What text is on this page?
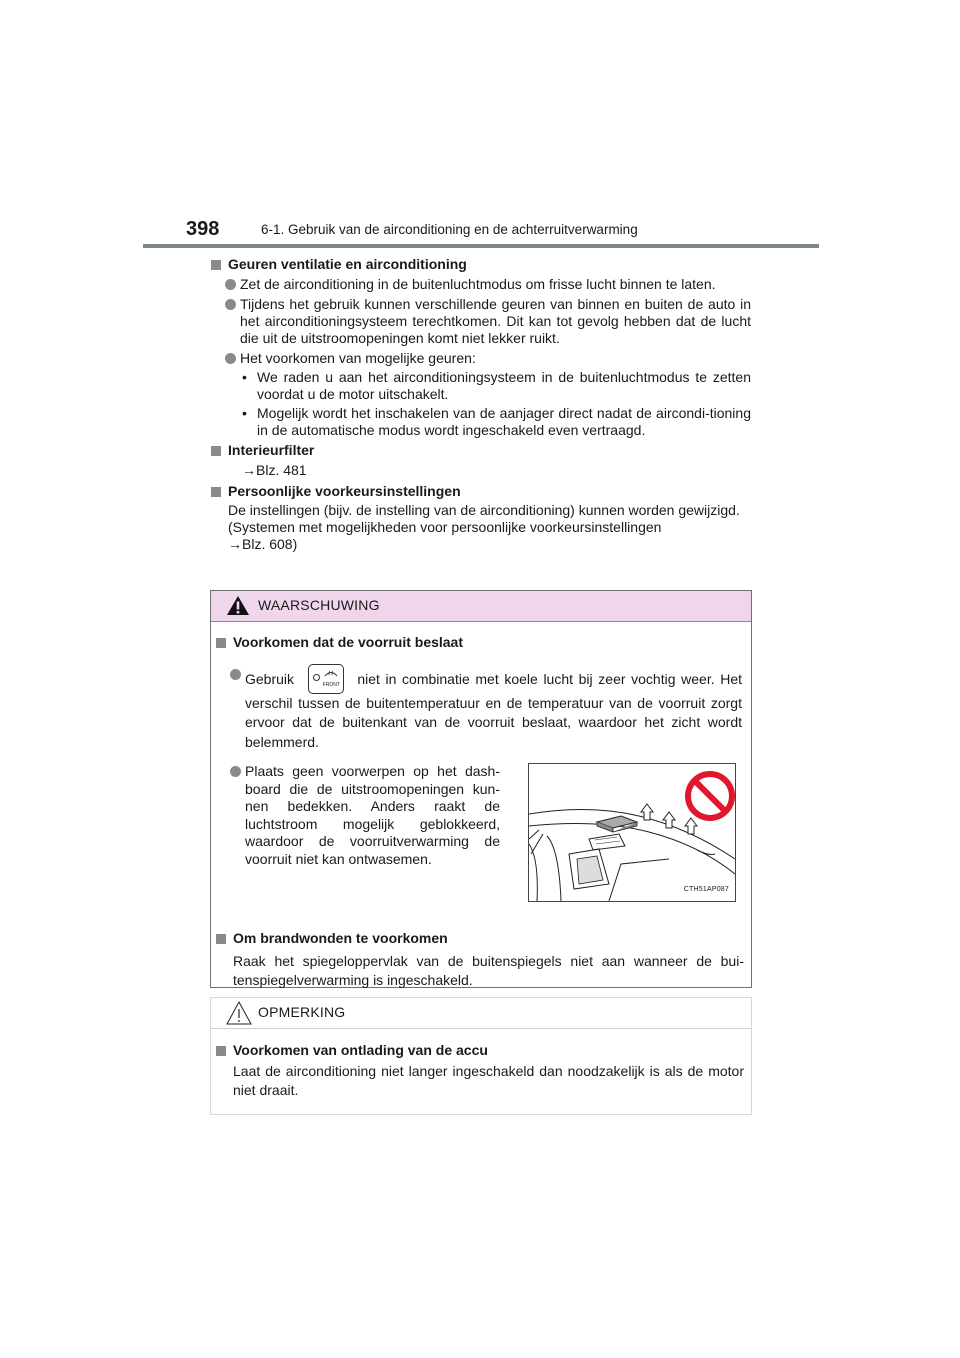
398	6-1. Gebruik van de airconditioning en de achterruitverwarming
Geuren ventilatie en airconditioning
Zet de airconditioning in de buitenluchtmodus om frisse lucht binnen te laten.
Tijdens het gebruik kunnen verschillende geuren van binnen en buiten de auto in het airconditioningsysteem terechtkomen. Dit kan tot gevolg hebben dat de lucht die uit de uitstroomopeningen komt niet lekker ruikt.
Het voorkomen van mogelijke geuren:
• We raden u aan het airconditioningsysteem in de buitenluchtmodus te zetten voordat u de motor uitschakelt.
• Mogelijk wordt het inschakelen van de aanjager direct nadat de aircondi-tioning in de automatische modus wordt ingeschakeld even vertraagd.
Interieurfilter
→Blz. 481
Persoonlijke voorkeursinstellingen
De instellingen (bijv. de instelling van de airconditioning) kunnen worden gewijzigd.
(Systemen met mogelijkheden voor persoonlijke voorkeursinstellingen
→Blz. 608)
WAARSCHUWING
Voorkomen dat de voorruit beslaat
Gebruik	FRONT niet in combinatie met koele lucht bij zeer vochtig weer. Het verschil tussen de buitentemperatuur en de temperatuur van de voorruit zorgt ervoor dat de buitenkant van de voorruit beslaat, waardoor het zicht wordt belemmerd.
Plaats geen voorwerpen op het dash-board die de uitstroomopeningen kun-nen bedekken. Anders raakt de luchtstroom mogelijk geblokkeerd, waardoor de voorruitverwarming de voorruit niet kan ontwasemen.
CTH51AP087
Om brandwonden te voorkomen
Raak het spiegeloppervlak van de buitenspiegels niet aan wanneer de bui-tenspiegelverwarming is ingeschakeld.
OPMERKING
Voorkomen van ontlading van de accu
Laat de airconditioning niet langer ingeschakeld dan noodzakelijk is als de motor niet draait.
